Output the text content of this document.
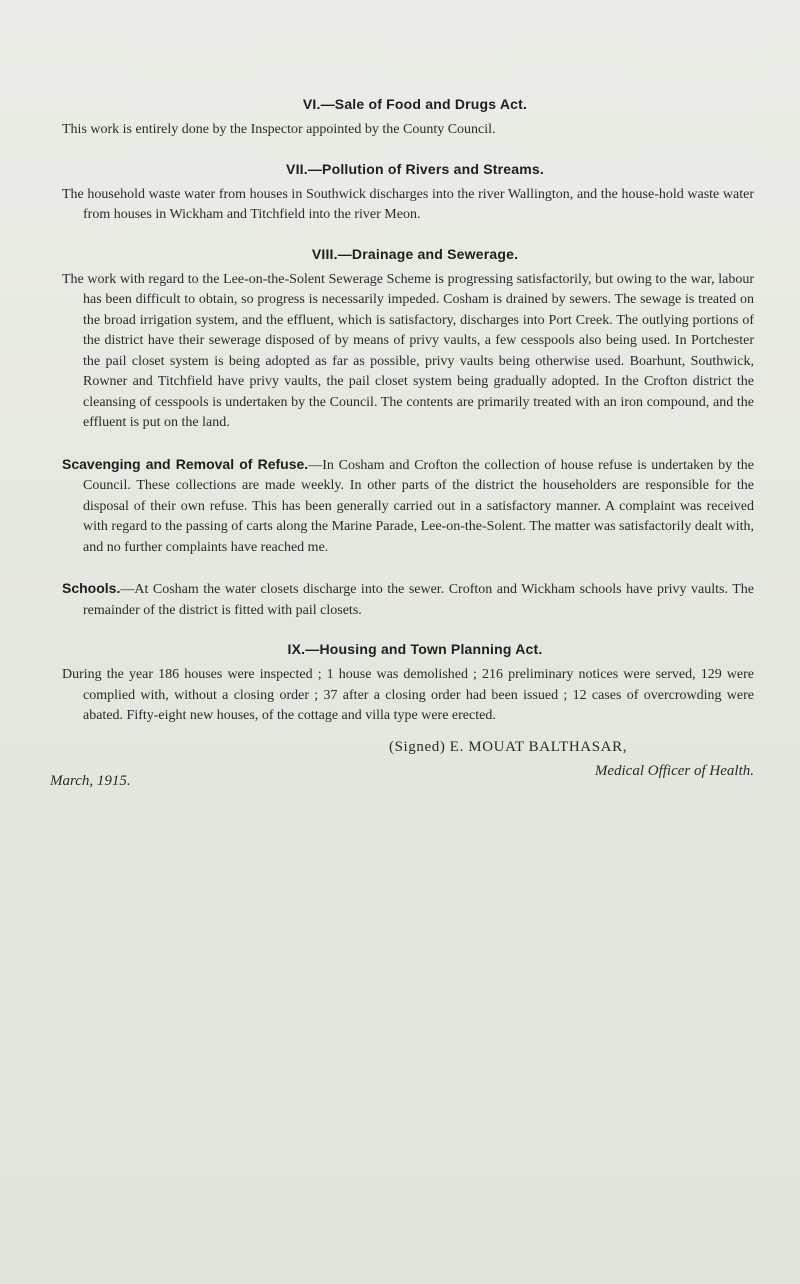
VI.—Sale of Food and Drugs Act.

This work is entirely done by the Inspector appointed by the County Council.

VII.—Pollution of Rivers and Streams.

The household waste water from houses in Southwick discharges into the river Wallington, and the house-hold waste water from houses in Wickham and Titchfield into the river Meon.

VIII.—Drainage and Sewerage.

The work with regard to the Lee-on-the-Solent Sewerage Scheme is progressing satisfactorily, but owing to the war, labour has been difficult to obtain, so progress is necessarily impeded. Cosham is drained by sewers. The sewage is treated on the broad irrigation system, and the effluent, which is satisfactory, discharges into Port Creek. The outlying portions of the district have their sewerage disposed of by means of privy vaults, a few cesspools also being used. In Portchester the pail closet system is being adopted as far as possible, privy vaults being otherwise used. Boarhunt, Southwick, Rowner and Titchfield have privy vaults, the pail closet system being gradually adopted. In the Crofton district the cleansing of cesspools is undertaken by the Council. The contents are primarily treated with an iron compound, and the effluent is put on the land.

Scavenging and Removal of Refuse.—In Cosham and Crofton the collection of house refuse is undertaken by the Council. These collections are made weekly. In other parts of the district the householders are responsible for the disposal of their own refuse. This has been generally carried out in a satisfactory manner. A complaint was received with regard to the passing of carts along the Marine Parade, Lee-on-the-Solent. The matter was satisfactorily dealt with, and no further complaints have reached me.

Schools.—At Cosham the water closets discharge into the sewer. Crofton and Wickham schools have privy vaults. The remainder of the district is fitted with pail closets.

IX.—Housing and Town Planning Act.

During the year 186 houses were inspected ; 1 house was demolished ; 216 preliminary notices were served, 129 were complied with, without a closing order ; 37 after a closing order had been issued ; 12 cases of overcrowding were abated. Fifty-eight new houses, of the cottage and villa type were erected.

(Signed) E. MOUAT BALTHASAR,
Medical Officer of Health.
March, 1915.
